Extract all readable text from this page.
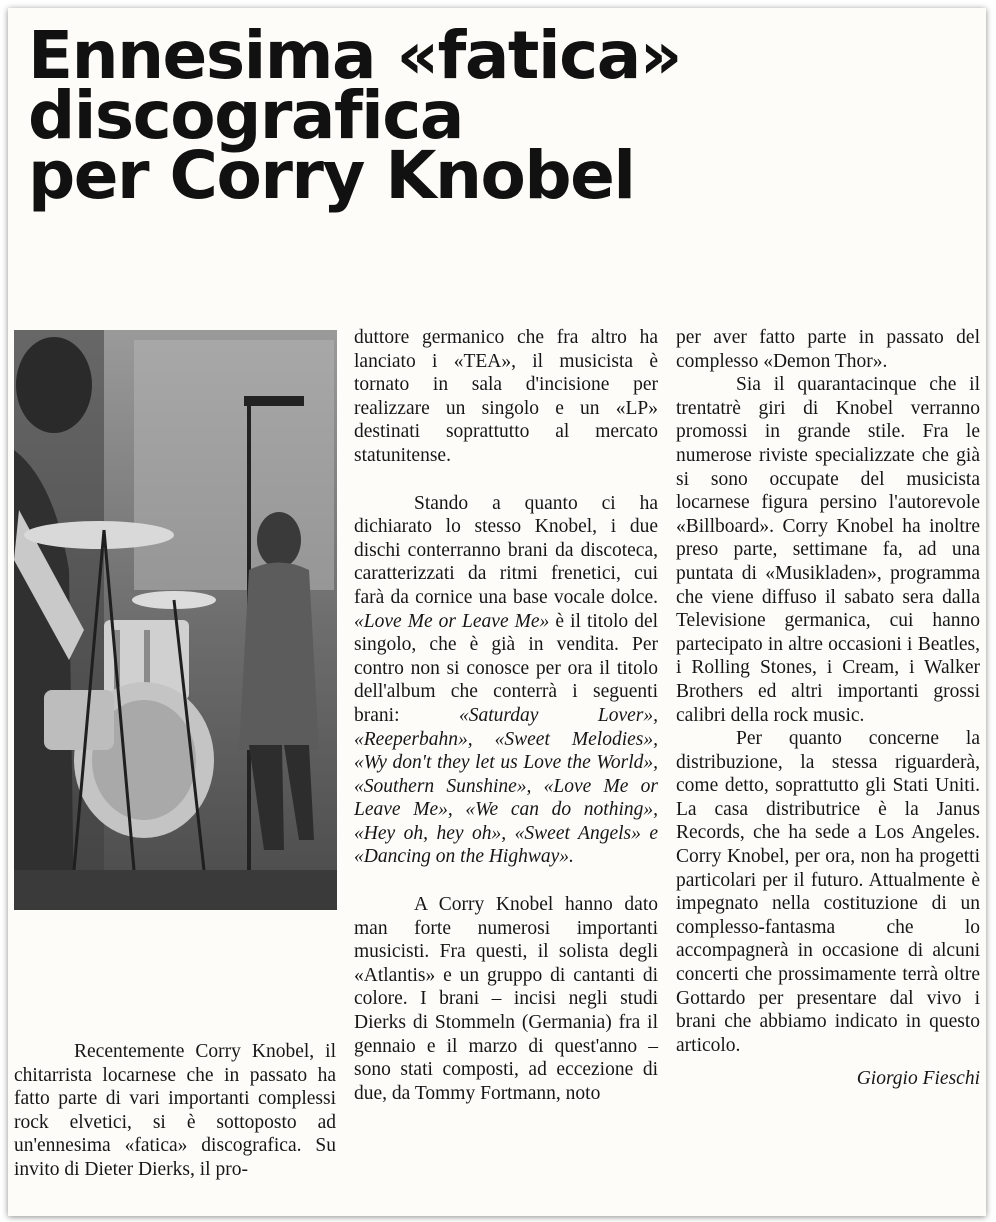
Ennesima «fatica»
discografica
per Corry Knobel

Recentemente Corry Knobel, il chitarrista locarnese che in passato ha fatto parte di vari importanti complessi rock elvetici, si è sottoposto ad un'ennesima «fatica» discografica. Su invito di Dieter Dierks, il pro-

duttore germanico che fra altro ha lanciato i «TEA», il musicista è tornato in sala d'incisione per realizzare un singolo e un «LP» destinati soprattutto al mercato statunitense.

Stando a quanto ci ha dichiarato lo stesso Knobel, i due dischi conterranno brani da discoteca, caratterizzati da ritmi frenetici, cui farà da cornice una base vocale dolce. «Love Me or Leave Me» è il titolo del singolo, che è già in vendita. Per contro non si conosce per ora il titolo dell'album che conterrà i seguenti brani:	«Saturday Lover», «Reeperbahn», «Sweet Melodies», «Wy don't they let us Love the World», «Southern Sunshine», «Love Me or Leave Me», «We can do nothing», «Hey oh, hey oh», «Sweet Angels» e «Dancing on the Highway».

A Corry Knobel hanno dato man forte numerosi importanti musicisti. Fra questi, il solista degli «Atlantis» e un gruppo di cantanti di colore. I brani – incisi negli studi Dierks di Stommeln (Germania) fra il gennaio e il marzo di quest'anno – sono stati composti, ad eccezione di due, da Tommy Fortmann, noto

per aver fatto parte in passato del complesso «Demon Thor».

Sia il quarantacinque che il trentatrè giri di Knobel verranno promossi in grande stile. Fra le numerose riviste specializzate che già si sono occupate del musicista locarnese figura persino l'autorevole «Billboard». Corry Knobel ha inoltre preso parte, settimane fa, ad una puntata di «Musikladen», programma che viene diffuso il sabato sera dalla Televisione germanica, cui hanno partecipato in altre occasioni i Beatles, i Rolling Stones, i Cream, i Walker Brothers ed altri importanti grossi calibri della rock music.

Per quanto concerne la distribuzione, la stessa riguarderà, come detto, soprattutto gli Stati Uniti. La casa distributrice è la Janus Records, che ha sede a Los Angeles. Corry Knobel, per ora, non ha progetti particolari per il futuro. Attualmente è impegnato nella costituzione di un complesso-fantasma che lo accompagnerà in occasione di alcuni concerti che prossimamente terrà oltre Gottardo per presentare dal vivo i brani che abbiamo indicato in questo articolo.

Giorgio Fieschi
